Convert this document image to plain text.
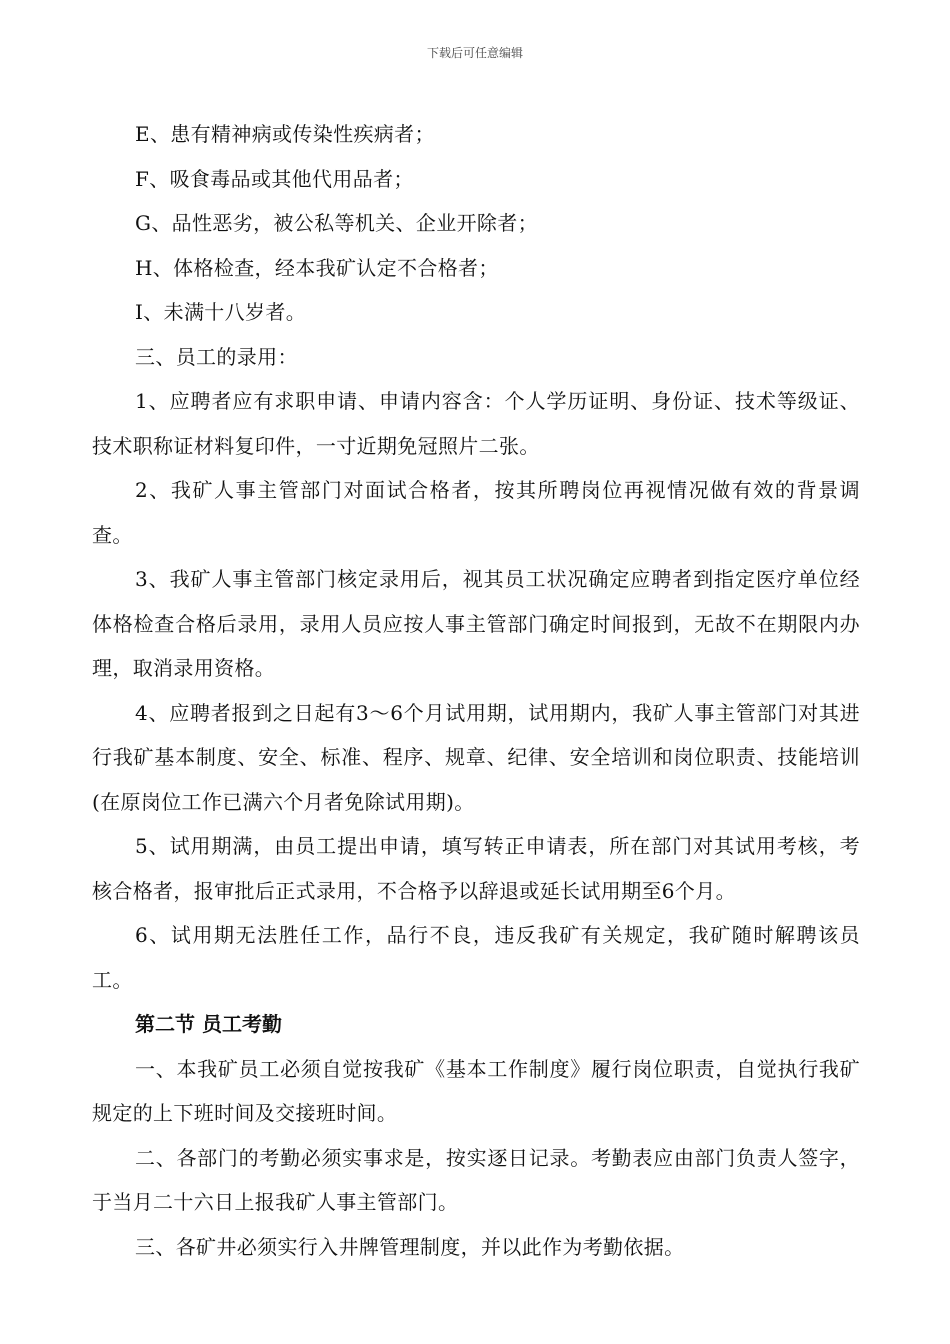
下载后可任意编辑

E、患有精神病或传染性疾病者；

F、吸食毒品或其他代用品者；

G、品性恶劣，被公私等机关、企业开除者；

H、体格检查，经本我矿认定不合格者；

I、未满十八岁者。

三、员工的录用：

1、应聘者应有求职申请、申请内容含：个人学历证明、身份证、技术等级证、技术职称证材料复印件，一寸近期免冠照片二张。

2、我矿人事主管部门对面试合格者，按其所聘岗位再视情况做有效的背景调查。

3、我矿人事主管部门核定录用后，视其员工状况确定应聘者到指定医疗单位经体格检查合格后录用，录用人员应按人事主管部门确定时间报到，无故不在期限内办理，取消录用资格。

4、应聘者报到之日起有3～6个月试用期，试用期内，我矿人事主管部门对其进行我矿基本制度、安全、标准、程序、规章、纪律、安全培训和岗位职责、技能培训(在原岗位工作已满六个月者免除试用期)。

5、试用期满，由员工提出申请，填写转正申请表，所在部门对其试用考核，考核合格者，报审批后正式录用，不合格予以辞退或延长试用期至6个月。

6、试用期无法胜任工作，品行不良，违反我矿有关规定，我矿随时解聘该员工。

第二节 员工考勤

一、本我矿员工必须自觉按我矿《基本工作制度》履行岗位职责，自觉执行我矿规定的上下班时间及交接班时间。

二、各部门的考勤必须实事求是，按实逐日记录。考勤表应由部门负责人签字，于当月二十六日上报我矿人事主管部门。

三、各矿井必须实行入井牌管理制度，并以此作为考勤依据。
